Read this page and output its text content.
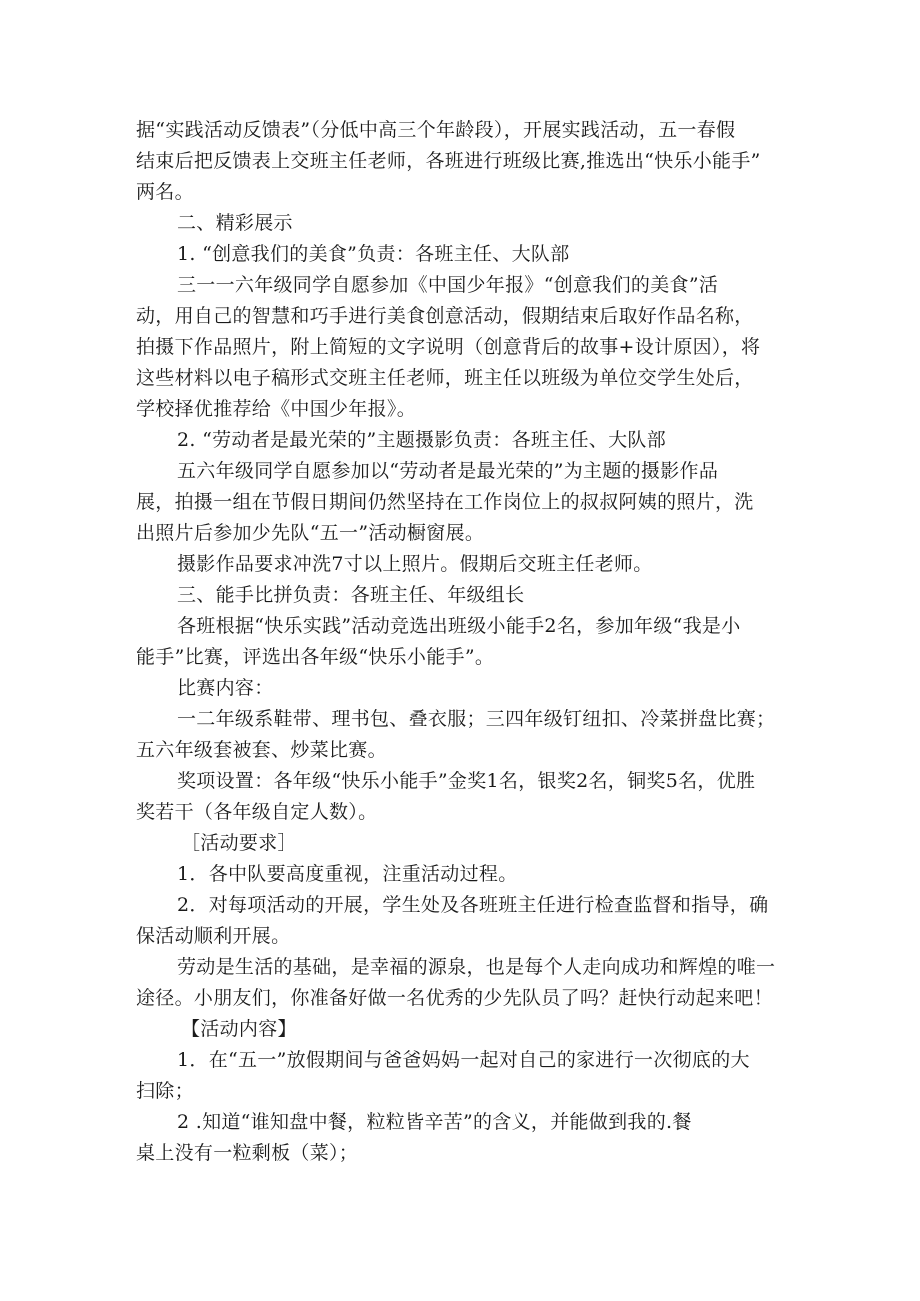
据“实践活动反馈表”（分低中高三个年龄段），开展实践活动，五一春假
结束后把反馈表上交班主任老师，各班进行班级比赛,推选出“快乐小能手”
两名。
二、精彩展示
1. “创意我们的美食”负责：各班主任、大队部
三一一六年级同学自愿参加《中国少年报》“创意我们的美食”活
动，用自己的智慧和巧手进行美食创意活动，假期结束后取好作品名称，
拍摄下作品照片，附上简短的文字说明（创意背后的故事+设计原因），将
这些材料以电子稿形式交班主任老师，班主任以班级为单位交学生处后，
学校择优推荐给《中国少年报》。
2. “劳动者是最光荣的”主题摄影负责：各班主任、大队部
五六年级同学自愿参加以“劳动者是最光荣的”为主题的摄影作品
展，拍摄一组在节假日期间仍然坚持在工作岗位上的叔叔阿姨的照片，洗
出照片后参加少先队“五一”活动橱窗展。
摄影作品要求冲洗7寸以上照片。假期后交班主任老师。
三、能手比拼负责：各班主任、年级组长
各班根据“快乐实践”活动竞选出班级小能手2名，参加年级“我是小
能手”比赛，评选出各年级“快乐小能手”。
比赛内容：
一二年级系鞋带、理书包、叠衣服；三四年级钉纽扣、冷菜拼盘比赛；
五六年级套被套、炒菜比赛。
奖项设置：各年级“快乐小能手”金奖1名，银奖2名，铜奖5名，优胜
奖若干（各年级自定人数）。
［活动要求］
1．各中队要高度重视，注重活动过程。
2．对每项活动的开展，学生处及各班班主任进行检查监督和指导，确
保活动顺利开展。
劳动是生活的基础，是幸福的源泉，也是每个人走向成功和辉煌的唯一
途径。小朋友们，你准备好做一名优秀的少先队员了吗？赶快行动起来吧！
【活动内容】
1．在“五一”放假期间与爸爸妈妈一起对自己的家进行一次彻底的大
扫除；
2 .知道“谁知盘中餐，粒粒皆辛苦”的含义，并能做到我的.餐
桌上没有一粒剩板（菜）；
